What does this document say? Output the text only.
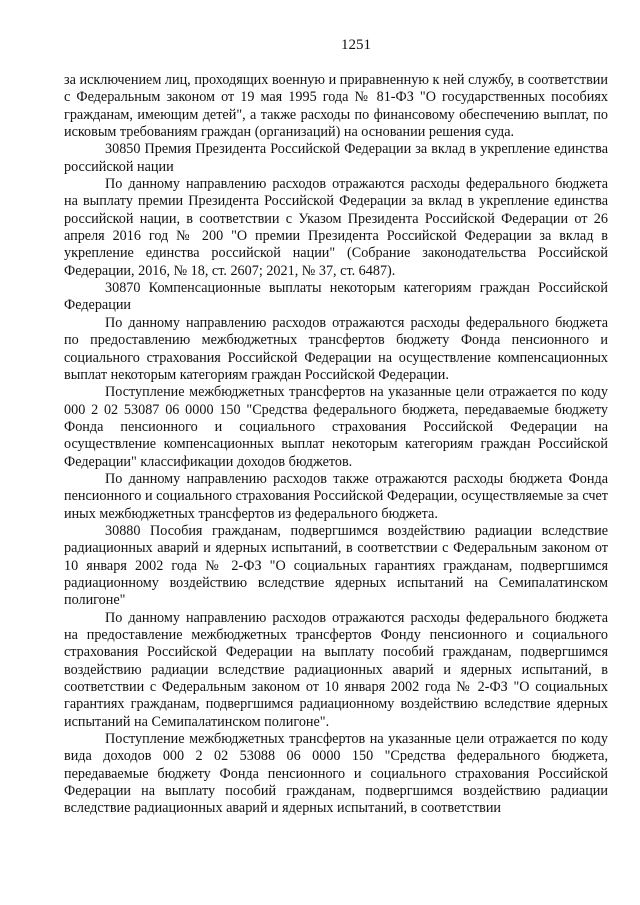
1251

за исключением лиц, проходящих военную и приравненную к ней службу, в соответствии с Федеральным законом от 19 мая 1995 года № 81-ФЗ "О государственных пособиях гражданам, имеющим детей", а также расходы по финансовому обеспечению выплат, по исковым требованиям граждан (организаций) на основании решения суда.

30850 Премия Президента Российской Федерации за вклад в укрепление единства российской нации

По данному направлению расходов отражаются расходы федерального бюджета на выплату премии Президента Российской Федерации за вклад в укрепление единства российской нации, в соответствии с Указом Президента Российской Федерации от 26 апреля 2016 год № 200 "О премии Президента Российской Федерации за вклад в укрепление единства российской нации" (Собрание законодательства Российской Федерации, 2016, № 18, ст. 2607; 2021, № 37, ст. 6487).

30870 Компенсационные выплаты некоторым категориям граждан Российской Федерации

По данному направлению расходов отражаются расходы федерального бюджета по предоставлению межбюджетных трансфертов бюджету Фонда пенсионного и социального страхования Российской Федерации на осуществление компенсационных выплат некоторым категориям граждан Российской Федерации.

Поступление межбюджетных трансфертов на указанные цели отражается по коду 000 2 02 53087 06 0000 150 "Средства федерального бюджета, передаваемые бюджету Фонда пенсионного и социального страхования Российской Федерации на осуществление компенсационных выплат некоторым категориям граждан Российской Федерации" классификации доходов бюджетов.

По данному направлению расходов также отражаются расходы бюджета Фонда пенсионного и социального страхования Российской Федерации, осуществляемые за счет иных межбюджетных трансфертов из федерального бюджета.

30880 Пособия гражданам, подвергшимся воздействию радиации вследствие радиационных аварий и ядерных испытаний, в соответствии с Федеральным законом от 10 января 2002 года № 2-ФЗ "О социальных гарантиях гражданам, подвергшимся радиационному воздействию вследствие ядерных испытаний на Семипалатинском полигоне"

По данному направлению расходов отражаются расходы федерального бюджета на предоставление межбюджетных трансфертов Фонду пенсионного и социального страхования Российской Федерации на выплату пособий гражданам, подвергшимся воздействию радиации вследствие радиационных аварий и ядерных испытаний, в соответствии с Федеральным законом от 10 января 2002 года № 2-ФЗ "О социальных гарантиях гражданам, подвергшимся радиационному воздействию вследствие ядерных испытаний на Семипалатинском полигоне".

Поступление межбюджетных трансфертов на указанные цели отражается по коду вида доходов 000 2 02 53088 06 0000 150 "Средства федерального бюджета, передаваемые бюджету Фонда пенсионного и социального страхования Российской Федерации на выплату пособий гражданам, подвергшимся воздействию радиации вследствие радиационных аварий и ядерных испытаний, в соответствии
